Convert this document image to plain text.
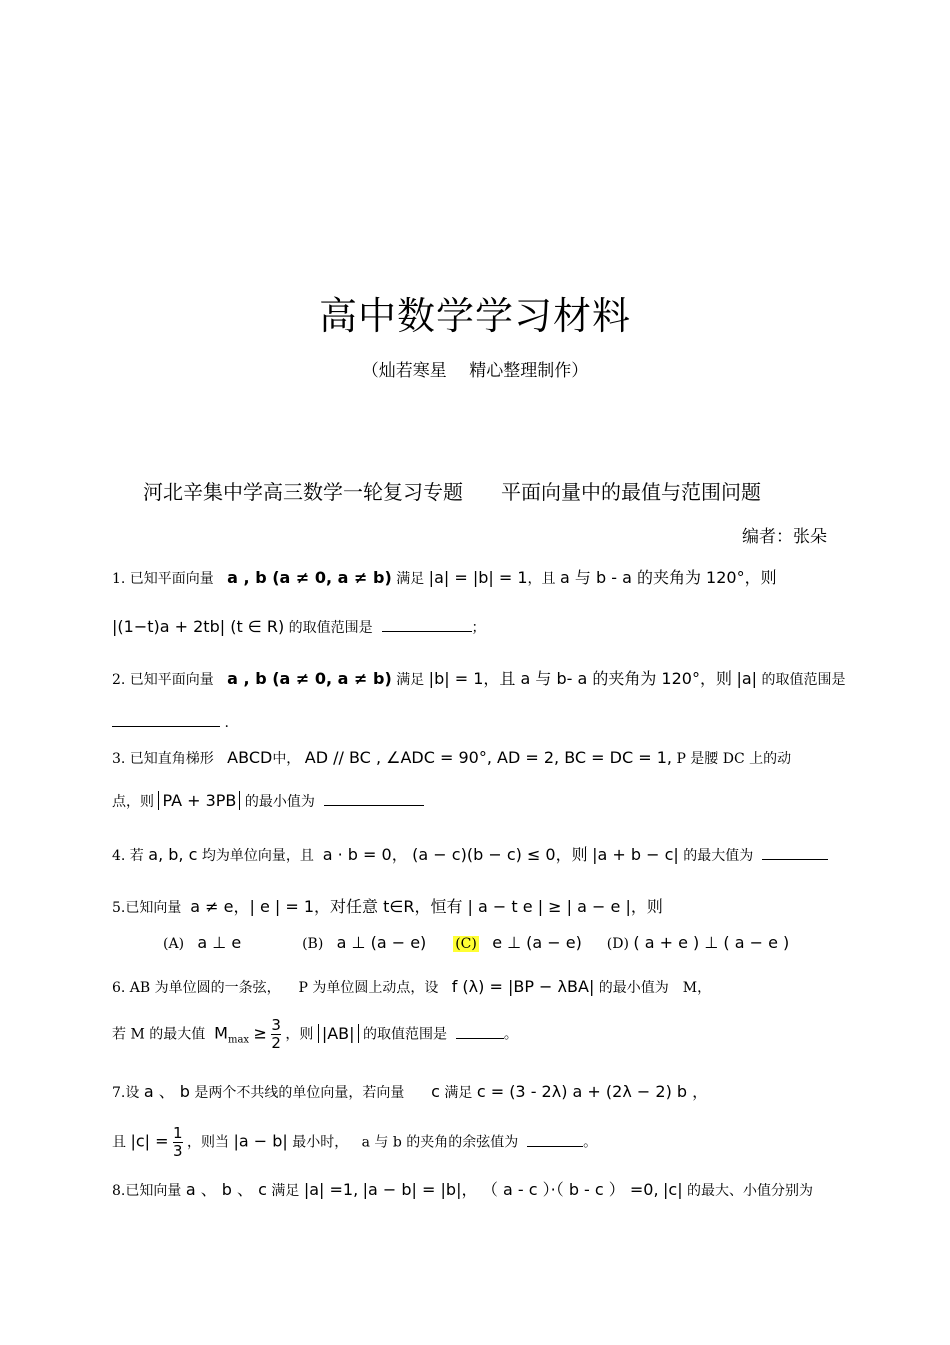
高中数学学习材料
（灿若寒星　 精心整理制作）
河北辛集中学高三数学一轮复习专题 平面向量中的最值与范围问题
编者：张朵
1. 已知平面向量 a , b (a ≠ 0, a ≠ b) 满足 |a| = |b| = 1，且 a 与 b - a 的夹角为 120°，则
|(1−t)a + 2tb| (t ∈ R) 的取值范围是	；
2. 已知平面向量 a , b (a ≠ 0, a ≠ b) 满足 |b| = 1，且 a 与 b- a 的夹角为 120°，则 |a| 的取值范围是
.
3. 已知直角梯形 ABCD中， AD // BC , ∠ADC = 90°, AD = 2, BC = DC = 1, P 是腰 DC 上的动
点，则 PA + 3PB 的最小值为
4. 若 a, b, c 均为单位向量，且 a · b = 0， (a − c)(b − c) ≤ 0，则 |a + b − c| 的最大值为
5.已知向量 a ≠ e，| e | = 1，对任意 t∈R，恒有 | a − t e | ≥ | a − e |，则
(A) a ⊥ e	(B) a ⊥ (a − e) (C) e ⊥ (a − e) (D) ( a + e ) ⊥ ( a − e )
6. AB 为单位圆的一条弦， P 为单位圆上动点，设 f (λ) = |BP − λBA| 的最小值为　M，
若 M 的最大值 $M_{max} \ge \frac{3}{2}$ ，则 |AB| 的取值范围是	。
7.设 a 、 b 是两个不共线的单位向量，若向量 c 满足 c = (3 - 2λ) a + (2λ − 2) b ，
且 $|c| = \frac{1}{3}$ ，则当 |a − b| 最小时， a 与 b 的夹角的余弦值为	。
8.已知向量 a 、 b 、 c 满足 |a| =1, |a − b| = |b|， （ a - c ）·（ b - c ） =0, |c| 的最大、小值分别为
